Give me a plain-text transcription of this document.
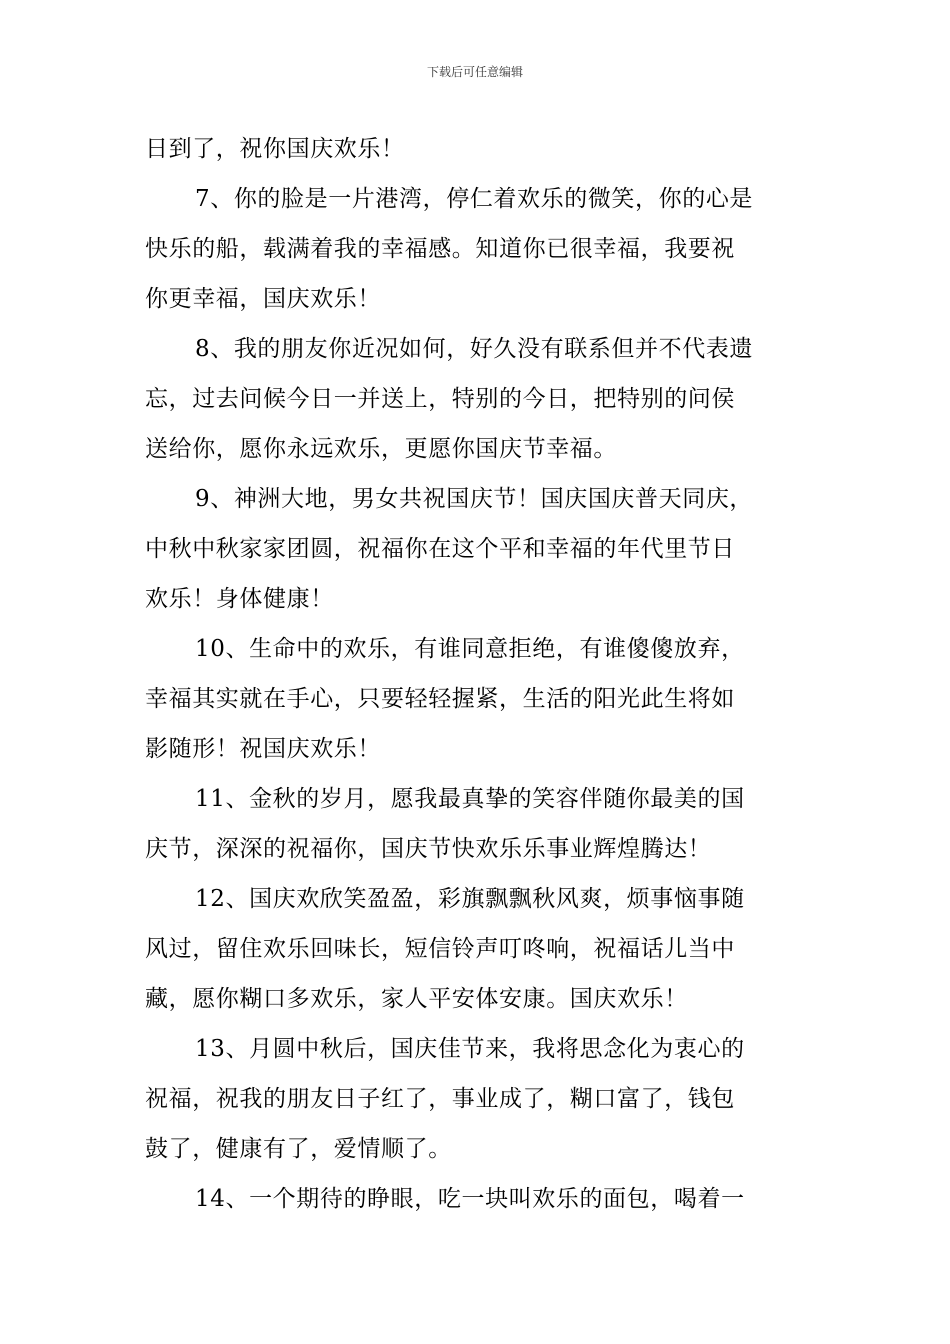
下载后可任意编辑
日到了，祝你国庆欢乐！
7、你的脸是一片港湾，停仁着欢乐的微笑，你的心是
快乐的船，载满着我的幸福感。知道你已很幸福，我要祝
你更幸福，国庆欢乐！
8、我的朋友你近况如何，好久没有联系但并不代表遗
忘，过去问候今日一并送上，特别的今日，把特别的问侯
送给你，愿你永远欢乐，更愿你国庆节幸福。
9、神洲大地，男女共祝国庆节！国庆国庆普天同庆，
中秋中秋家家团圆，祝福你在这个平和幸福的年代里节日
欢乐！身体健康！
10、生命中的欢乐，有谁同意拒绝，有谁傻傻放弃，
幸福其实就在手心，只要轻轻握紧，生活的阳光此生将如
影随形！祝国庆欢乐！
11、金秋的岁月，愿我最真挚的笑容伴随你最美的国
庆节，深深的祝福你，国庆节快欢乐乐事业辉煌腾达！
12、国庆欢欣笑盈盈，彩旗飘飘秋风爽，烦事恼事随
风过，留住欢乐回味长，短信铃声叮咚响，祝福话儿当中
藏，愿你糊口多欢乐，家人平安体安康。国庆欢乐！
13、月圆中秋后，国庆佳节来，我将思念化为衷心的
祝福，祝我的朋友日子红了，事业成了，糊口富了，钱包
鼓了，健康有了，爱情顺了。
14、一个期待的睁眼，吃一块叫欢乐的面包，喝着一
